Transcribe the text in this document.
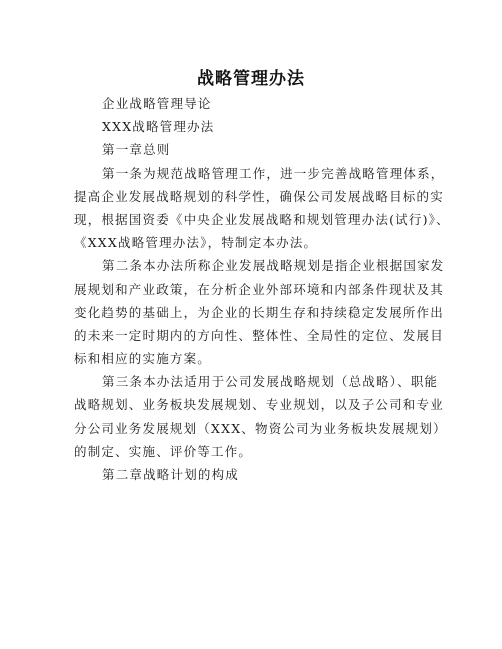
战略管理办法
企业战略管理导论
XXX战略管理办法
第一章总则
第一条为规范战略管理工作，进一步完善战略管理体系，
提高企业发展战略规划的科学性，确保公司发展战略目标的实
现，根据国资委《中央企业发展战略和规划管理办法(试行)》、
《XXX战略管理办法》，特制定本办法。
第二条本办法所称企业发展战略规划是指企业根据国家发
展规划和产业政策，在分析企业外部环境和内部条件现状及其
变化趋势的基础上，为企业的长期生存和持续稳定发展所作出
的未来一定时期内的方向性、整体性、全局性的定位、发展目
标和相应的实施方案。
第三条本办法适用于公司发展战略规划（总战略）、职能
战略规划、业务板块发展规划、专业规划，以及子公司和专业
分公司业务发展规划（XXX、物资公司为业务板块发展规划）
的制定、实施、评价等工作。
第二章战略计划的构成
